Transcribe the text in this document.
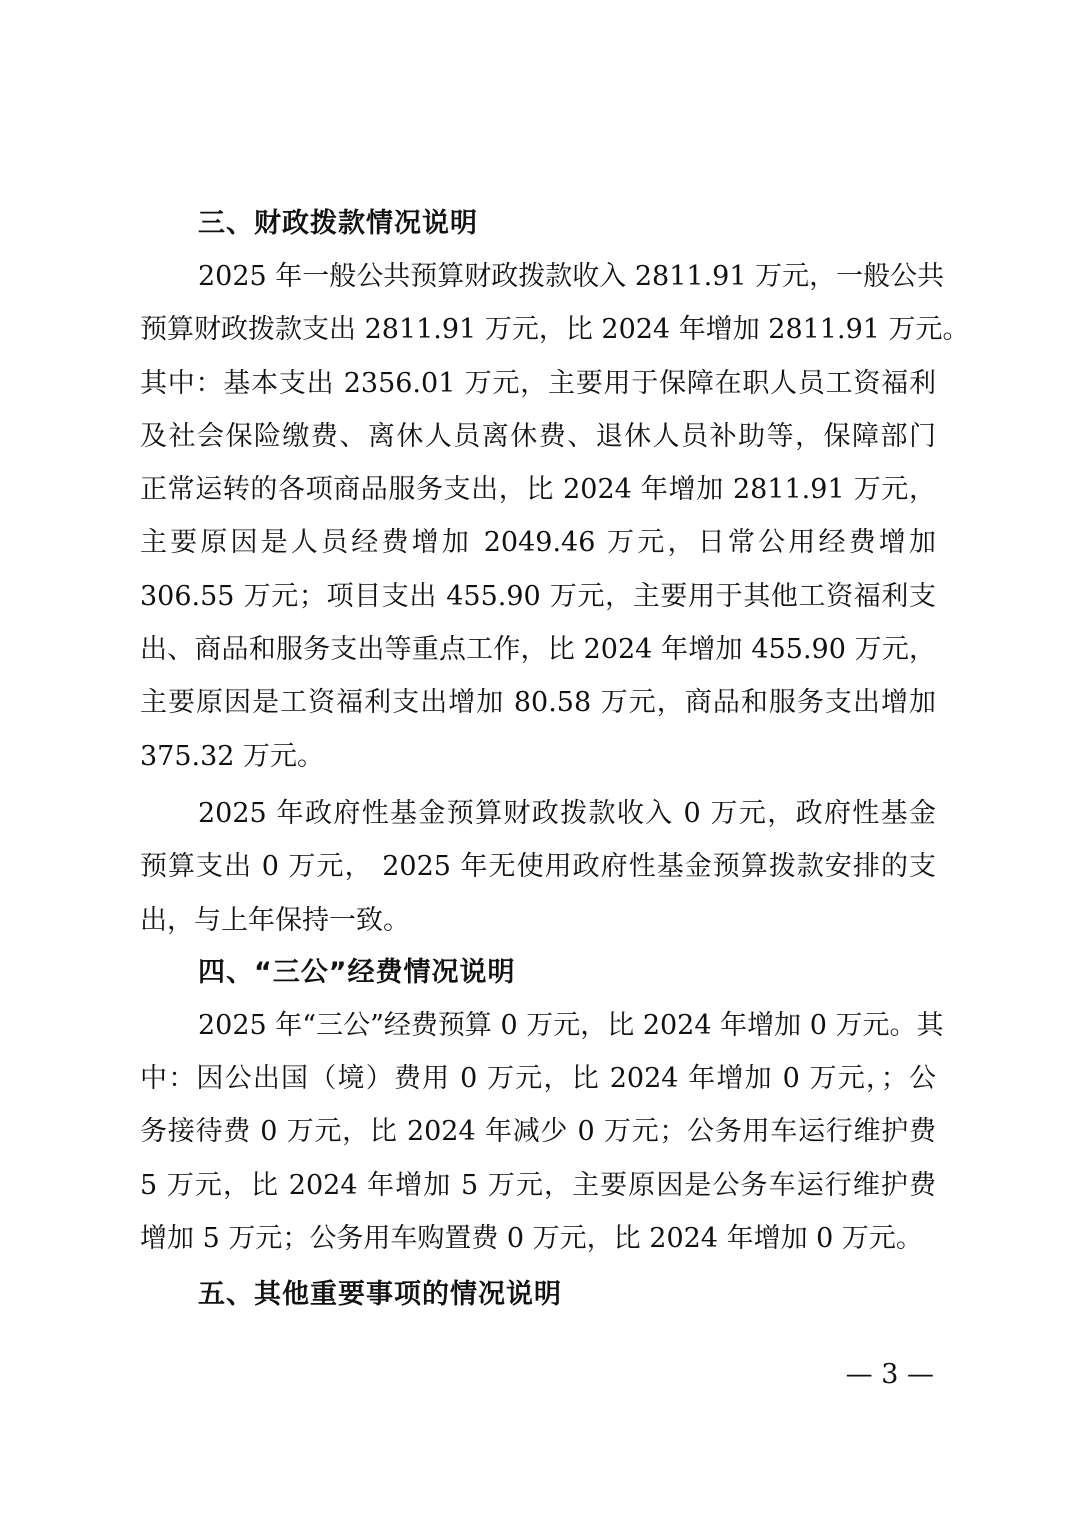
三、财政拨款情况说明
2025 年一般公共预算财政拨款收入 2811.91 万元，一般公共
预算财政拨款支出 2811.91 万元，比 2024 年增加 2811.91 万元。
其中：基本支出 2356.01 万元，主要用于保障在职人员工资福利
及社会保险缴费、离休人员离休费、退休人员补助等，保障部门
正常运转的各项商品服务支出，比 2024 年增加 2811.91 万元，
主要原因是人员经费增加 2049.46 万元，日常公用经费增加
306.55 万元；项目支出 455.90 万元，主要用于其他工资福利支
出、商品和服务支出等重点工作，比 2024 年增加 455.90 万元，
主要原因是工资福利支出增加 80.58 万元，商品和服务支出增加
375.32 万元。
2025 年政府性基金预算财政拨款收入 0 万元，政府性基金
预算支出 0 万元， 2025 年无使用政府性基金预算拨款安排的支
出，与上年保持一致。
四、“三公”经费情况说明
2025 年“三公”经费预算 0 万元，比 2024 年增加 0 万元。其
中：因公出国（境）费用 0 万元，比 2024 年增加 0 万元，；公
务接待费 0 万元，比 2024 年减少 0 万元；公务用车运行维护费
5 万元，比 2024 年增加 5 万元，主要原因是公务车运行维护费
增加 5 万元；公务用车购置费 0 万元，比 2024 年增加 0 万元。
五、其他重要事项的情况说明
— 3 —
